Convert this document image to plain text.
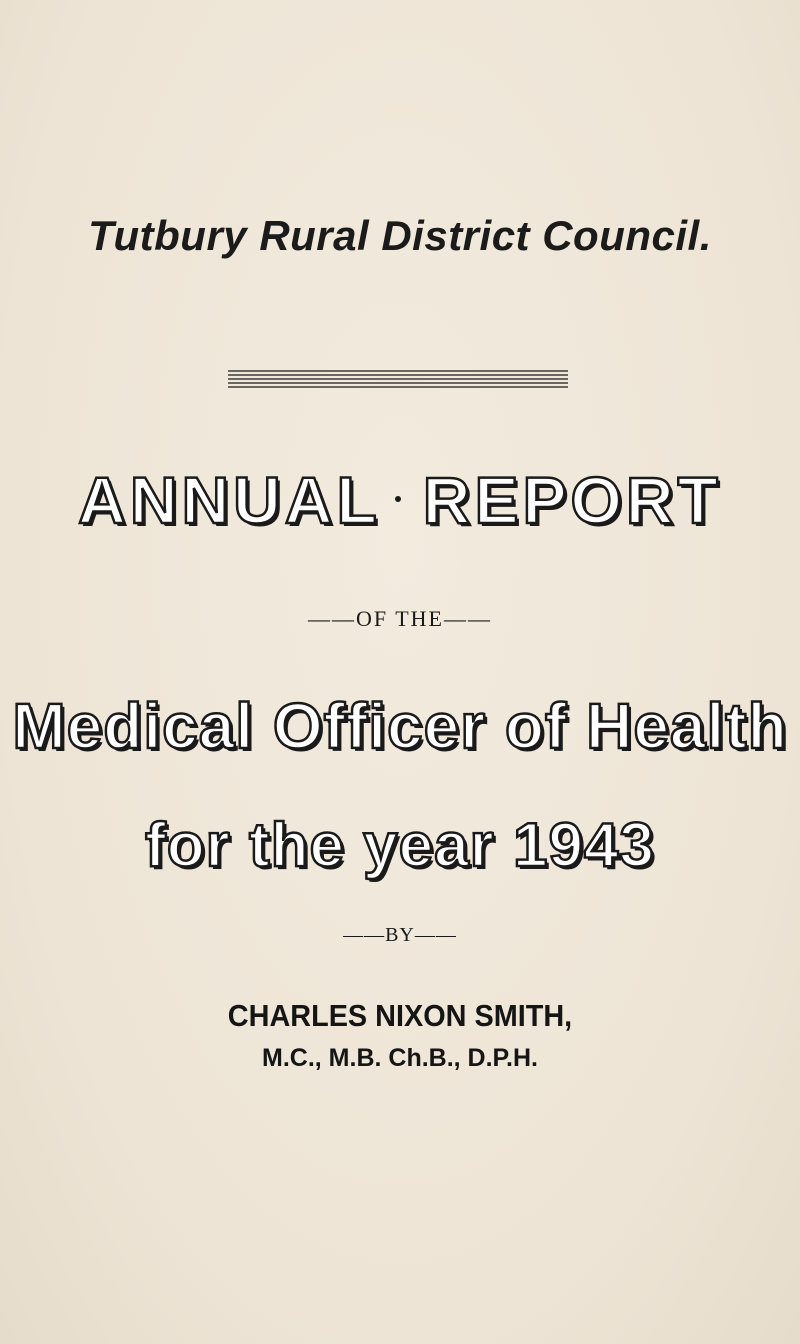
Tutbury Rural District Council.
ANNUAL REPORT
——OF THE——
Medical Officer of Health
for the year 1943
——BY——
CHARLES NIXON SMITH,
M.C., M.B. Ch.B., D.P.H.
